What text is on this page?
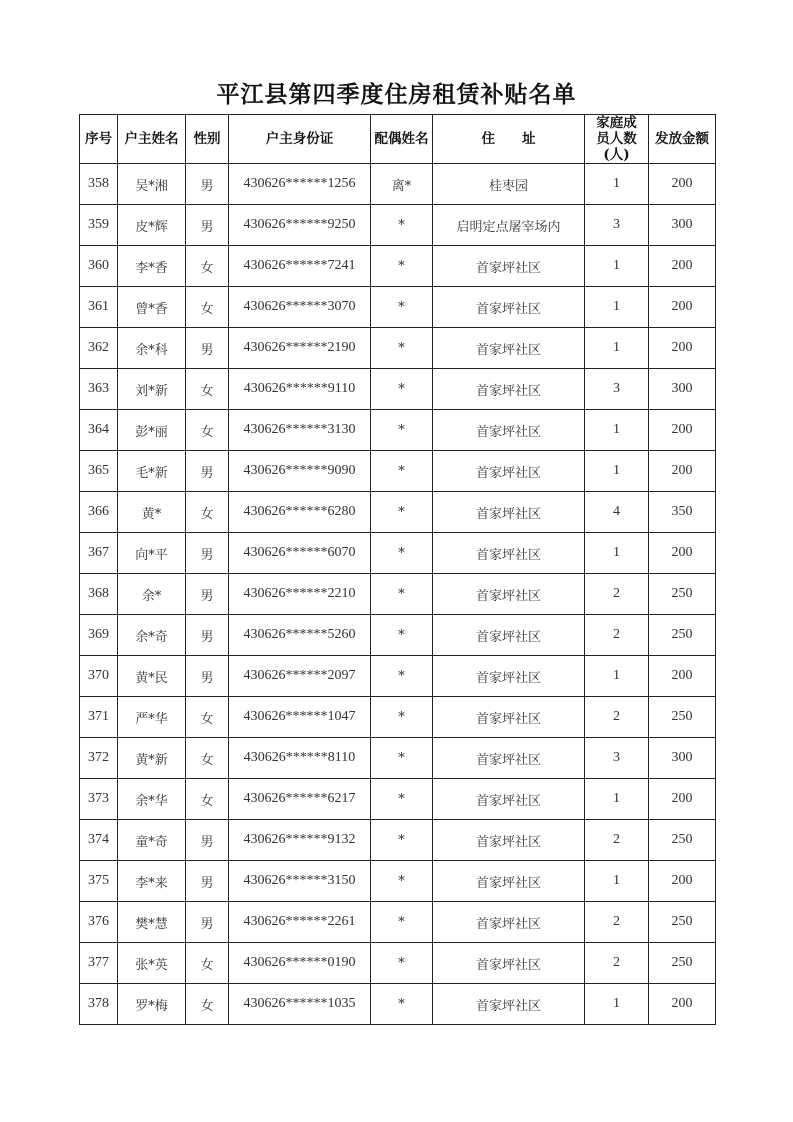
平江县第四季度住房租赁补贴名单
序号	户主姓名	性别	户主身份证	配偶姓名	住　　址	家庭成员人数(人)	发放金额
358	吴*湘	男	430626******1256	离*	桂枣园	1	200
359	皮*辉	男	430626******9250	*	启明定点屠宰场内	3	300
360	李*香	女	430626******7241	*	首家坪社区	1	200
361	曾*香	女	430626******3070	*	首家坪社区	1	200
362	余*科	男	430626******2190	*	首家坪社区	1	200
363	刘*新	女	430626******9110	*	首家坪社区	3	300
364	彭*丽	女	430626******3130	*	首家坪社区	1	200
365	毛*新	男	430626******9090	*	首家坪社区	1	200
366	黄*	女	430626******6280	*	首家坪社区	4	350
367	向*平	男	430626******6070	*	首家坪社区	1	200
368	余*	男	430626******2210	*	首家坪社区	2	250
369	余*奇	男	430626******5260	*	首家坪社区	2	250
370	黄*民	男	430626******2097	*	首家坪社区	1	200
371	严*华	女	430626******1047	*	首家坪社区	2	250
372	黄*新	女	430626******8110	*	首家坪社区	3	300
373	余*华	女	430626******6217	*	首家坪社区	1	200
374	童*奇	男	430626******9132	*	首家坪社区	2	250
375	李*来	男	430626******3150	*	首家坪社区	1	200
376	樊*慧	男	430626******2261	*	首家坪社区	2	250
377	张*英	女	430626******0190	*	首家坪社区	2	250
378	罗*梅	女	430626******1035	*	首家坪社区	1	200
